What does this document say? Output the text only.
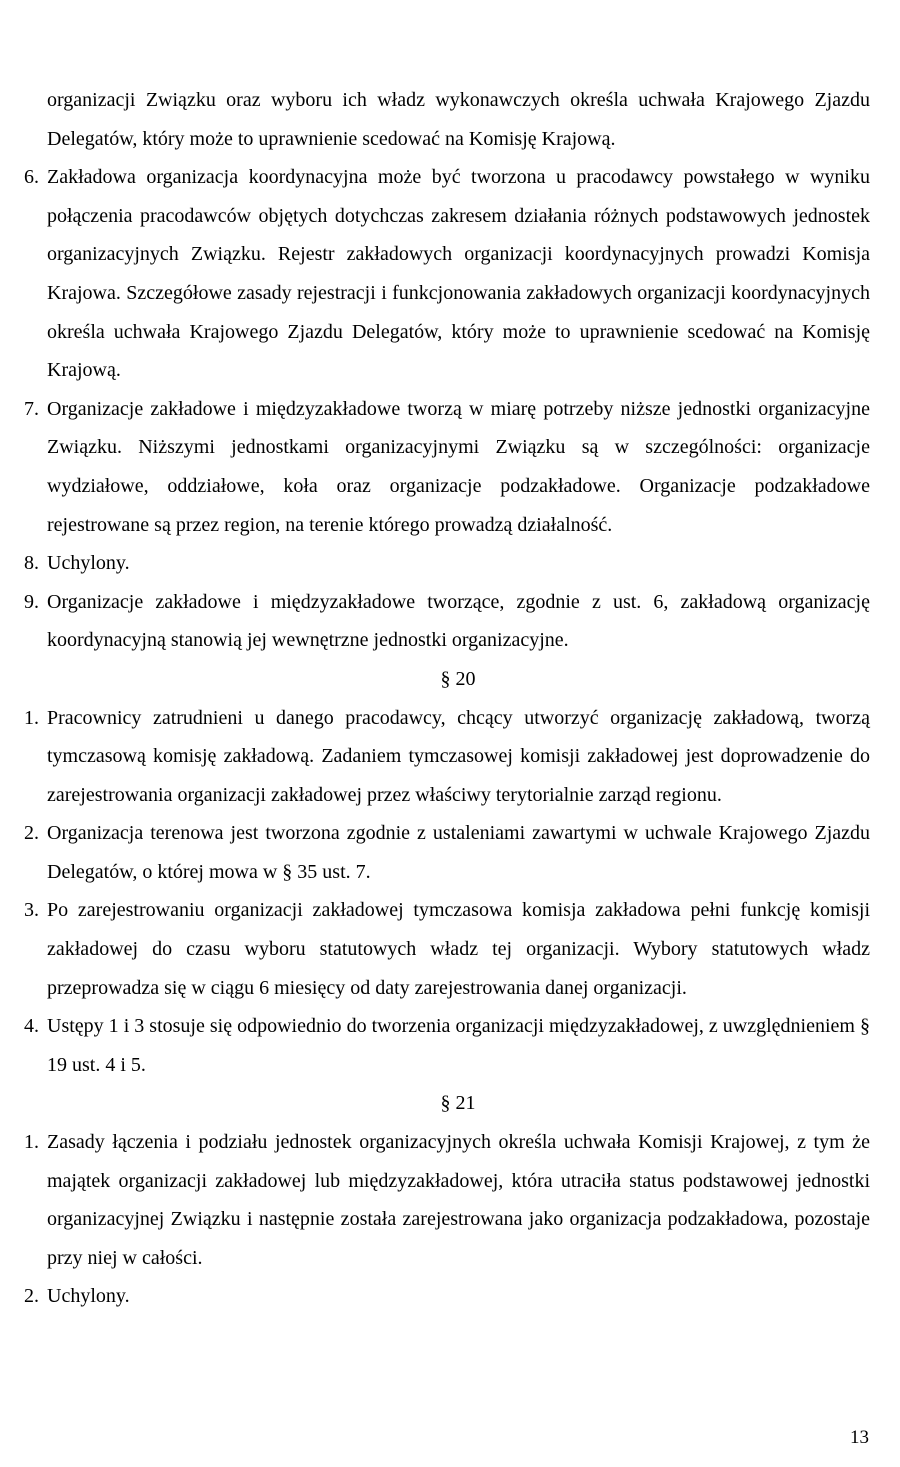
organizacji Związku oraz wyboru ich władz wykonawczych określa uchwała Krajowego Zjazdu Delegatów, który może to uprawnienie scedować na Komisję Krajową.

6. Zakładowa organizacja koordynacyjna może być tworzona u pracodawcy powstałego w wyniku połączenia pracodawców objętych dotychczas zakresem działania różnych podstawowych jednostek organizacyjnych Związku. Rejestr zakładowych organizacji koordynacyjnych prowadzi Komisja Krajowa. Szczegółowe zasady rejestracji i funkcjonowania zakładowych organizacji koordynacyjnych określa uchwała Krajowego Zjazdu Delegatów, który może to uprawnienie scedować na Komisję Krajową.

7. Organizacje zakładowe i międzyzakładowe tworzą w miarę potrzeby niższe jednostki organizacyjne Związku. Niższymi jednostkami organizacyjnymi Związku są w szczególności: organizacje wydziałowe, oddziałowe, koła oraz organizacje podzakładowe. Organizacje podzakładowe rejestrowane są przez region, na terenie którego prowadzą działalność.

8. Uchylony.

9. Organizacje zakładowe i międzyzakładowe tworzące, zgodnie z ust. 6, zakładową organizację koordynacyjną stanowią jej wewnętrzne jednostki organizacyjne.

§ 20

1. Pracownicy zatrudnieni u danego pracodawcy, chcący utworzyć organizację zakładową, tworzą tymczasową komisję zakładową. Zadaniem tymczasowej komisji zakładowej jest doprowadzenie do zarejestrowania organizacji zakładowej przez właściwy terytorialnie zarząd regionu.

2. Organizacja terenowa jest tworzona zgodnie z ustaleniami zawartymi w uchwale Krajowego Zjazdu Delegatów, o której mowa w § 35 ust. 7.

3. Po zarejestrowaniu organizacji zakładowej tymczasowa komisja zakładowa pełni funkcję komisji zakładowej do czasu wyboru statutowych władz tej organizacji. Wybory statutowych władz przeprowadza się w ciągu 6 miesięcy od daty zarejestrowania danej organizacji.

4. Ustępy 1 i 3 stosuje się odpowiednio do tworzenia organizacji międzyzakładowej, z uwzględnieniem § 19 ust. 4 i 5.

§ 21

1. Zasady łączenia i podziału jednostek organizacyjnych określa uchwała Komisji Krajowej, z tym że majątek organizacji zakładowej lub międzyzakładowej, która utraciła status podstawowej jednostki organizacyjnej Związku i następnie została zarejestrowana jako organizacja podzakładowa, pozostaje przy niej w całości.

2. Uchylony.

13
